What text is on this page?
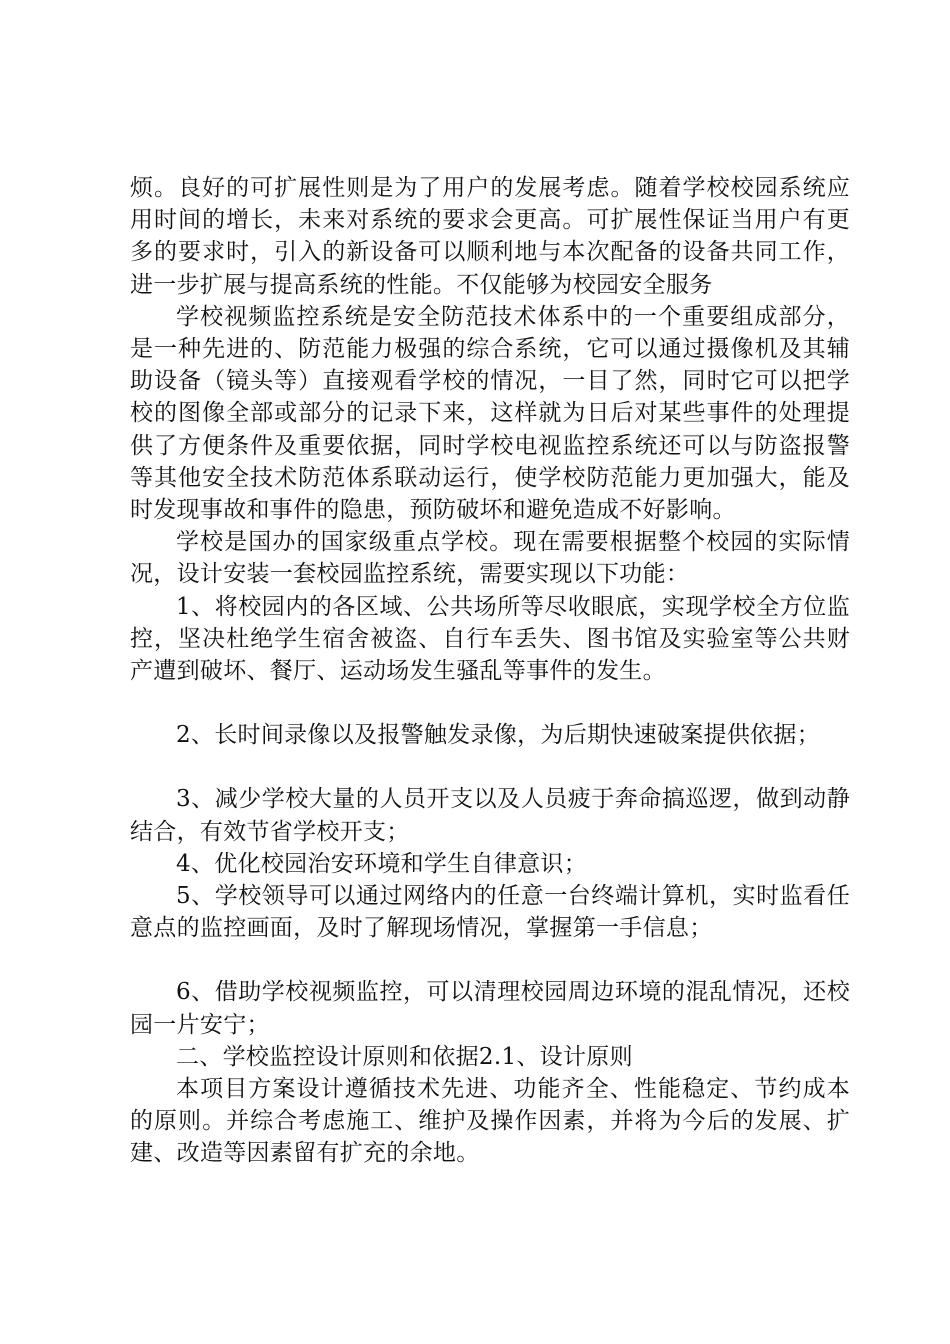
烦。良好的可扩展性则是为了用户的发展考虑。随着学校校园系统应用时间的增长，未来对系统的要求会更高。可扩展性保证当用户有更多的要求时，引入的新设备可以顺利地与本次配备的设备共同工作，进一步扩展与提高系统的性能。不仅能够为校园安全服务

学校视频监控系统是安全防范技术体系中的一个重要组成部分，是一种先进的、防范能力极强的综合系统，它可以通过摄像机及其辅助设备（镜头等）直接观看学校的情况，一目了然，同时它可以把学校的图像全部或部分的记录下来，这样就为日后对某些事件的处理提供了方便条件及重要依据，同时学校电视监控系统还可以与防盗报警等其他安全技术防范体系联动运行，使学校防范能力更加强大，能及时发现事故和事件的隐患，预防破坏和避免造成不好影响。

学校是国办的国家级重点学校。现在需要根据整个校园的实际情况，设计安装一套校园监控系统，需要实现以下功能：

1、将校园内的各区域、公共场所等尽收眼底，实现学校全方位监控，坚决杜绝学生宿舍被盗、自行车丢失、图书馆及实验室等公共财产遭到破坏、餐厅、运动场发生骚乱等事件的发生。

2、长时间录像以及报警触发录像，为后期快速破案提供依据；

3、减少学校大量的人员开支以及人员疲于奔命搞巡逻，做到动静结合，有效节省学校开支；

4、优化校园治安环境和学生自律意识；

5、学校领导可以通过网络内的任意一台终端计算机，实时监看任意点的监控画面，及时了解现场情况，掌握第一手信息；

6、借助学校视频监控，可以清理校园周边环境的混乱情况，还校园一片安宁；

二、学校监控设计原则和依据2.1、设计原则

本项目方案设计遵循技术先进、功能齐全、性能稳定、节约成本的原则。并综合考虑施工、维护及操作因素，并将为今后的发展、扩建、改造等因素留有扩充的余地。
